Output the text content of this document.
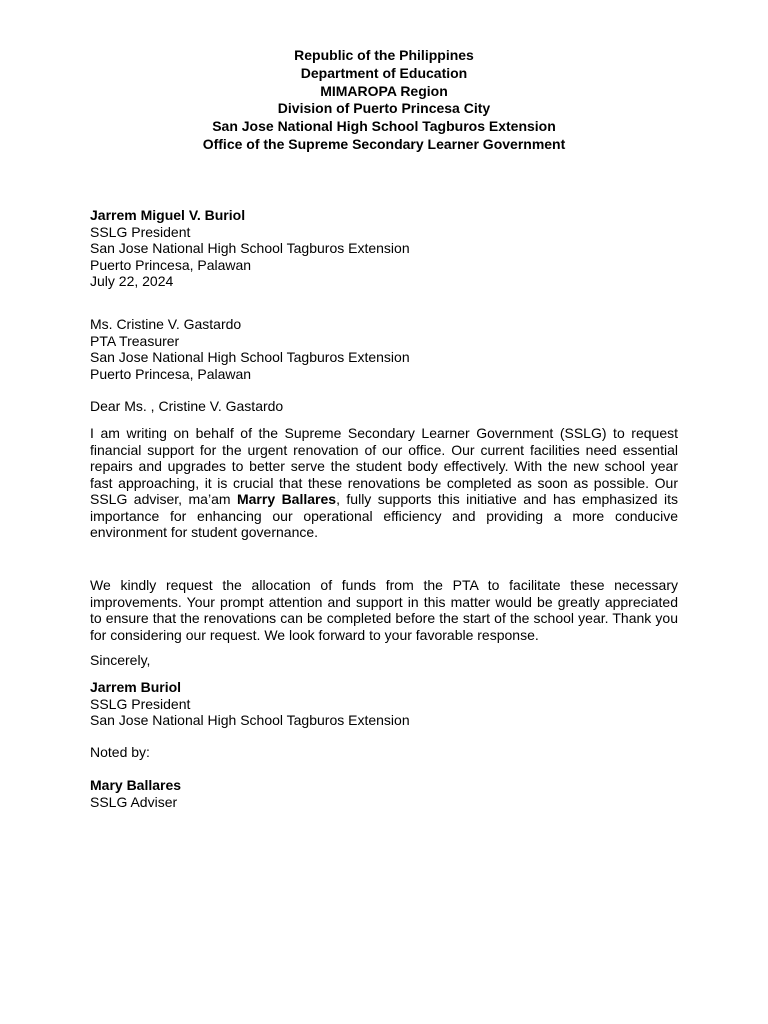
Republic of the Philippines
Department of Education
MIMAROPA Region
Division of Puerto Princesa City
San Jose National High School Tagburos Extension
Office of the Supreme Secondary Learner Government
Jarrem Miguel V. Buriol
SSLG President
San Jose National High School Tagburos Extension
Puerto Princesa, Palawan
July 22, 2024
Ms. Cristine V. Gastardo
PTA Treasurer
San Jose National High School Tagburos Extension
Puerto Princesa, Palawan
Dear Ms. , Cristine V. Gastardo
I am writing on behalf of the Supreme Secondary Learner Government (SSLG) to request financial support for the urgent renovation of our office. Our current facilities need essential repairs and upgrades to better serve the student body effectively. With the new school year fast approaching, it is crucial that these renovations be completed as soon as possible. Our SSLG adviser, ma’am Marry Ballares, fully supports this initiative and has emphasized its importance for enhancing our operational efficiency and providing a more conducive environment for student governance.
We kindly request the allocation of funds from the PTA to facilitate these necessary improvements. Your prompt attention and support in this matter would be greatly appreciated to ensure that the renovations can be completed before the start of the school year. Thank you for considering our request. We look forward to your favorable response.
Sincerely,
Jarrem Buriol
SSLG President
San Jose National High School Tagburos Extension
Noted by:
Mary Ballares
SSLG Adviser
